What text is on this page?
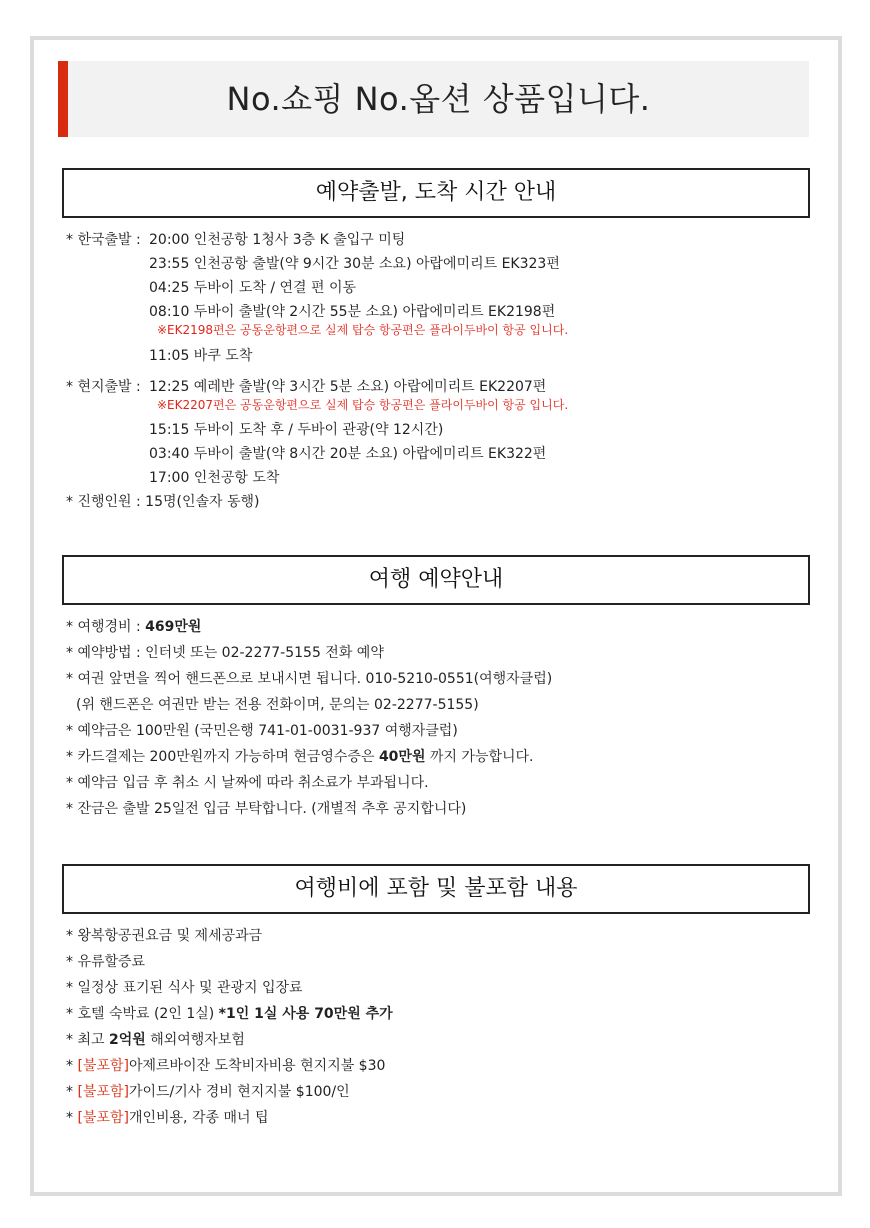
No.쇼핑 No.옵션 상품입니다.
예약출발, 도착 시간 안내
* 한국출발 : 20:00 인천공항 1청사 3층 K 출입구 미팅
23:55 인천공항 출발(약 9시간 30분 소요) 아랍에미리트 EK323편
04:25 두바이 도착 / 연결 편 이동
08:10 두바이 출발(약 2시간 55분 소요) 아랍에미리트 EK2198편
※EK2198편은 공동운항편으로 실제 탑승 항공편은 플라이두바이 항공 입니다.
11:05 바쿠 도착
* 현지출발 : 12:25 예레반 출발(약 3시간 5분 소요) 아랍에미리트 EK2207편
※EK2207편은 공동운항편으로 실제 탑승 항공편은 플라이두바이 항공 입니다.
15:15 두바이 도착 후 / 두바이 관광(약 12시간)
03:40 두바이 출발(약 8시간 20분 소요) 아랍에미리트 EK322편
17:00 인천공항 도착
* 진행인원 : 15명(인솔자 동행)
여행 예약안내
* 여행경비 : 469만원
* 예약방법 : 인터넷 또는 02-2277-5155 전화 예약
* 여권 앞면을 찍어 핸드폰으로 보내시면 됩니다. 010-5210-0551(여행자클럽)
(위 핸드폰은 여권만 받는 전용 전화이며, 문의는 02-2277-5155)
* 예약금은 100만원 (국민은행 741-01-0031-937 여행자클럽)
* 카드결제는 200만원까지 가능하며 현금영수증은 40만원 까지 가능합니다.
* 예약금 입금 후 취소 시 날짜에 따라 취소료가 부과됩니다.
* 잔금은 출발 25일전 입금 부탁합니다. (개별적 추후 공지합니다)
여행비에 포함 및 불포함 내용
* 왕복항공권요금 및 제세공과금
* 유류할증료
* 일정상 표기된 식사 및 관광지 입장료
* 호텔 숙박료 (2인 1실) *1인 1실 사용 70만원 추가
* 최고 2억원 해외여행자보험
* [불포함]아제르바이잔 도착비자비용 현지지불 $30
* [불포함]가이드/기사 경비 현지지불 $100/인
* [불포함]개인비용, 각종 매너 팁
